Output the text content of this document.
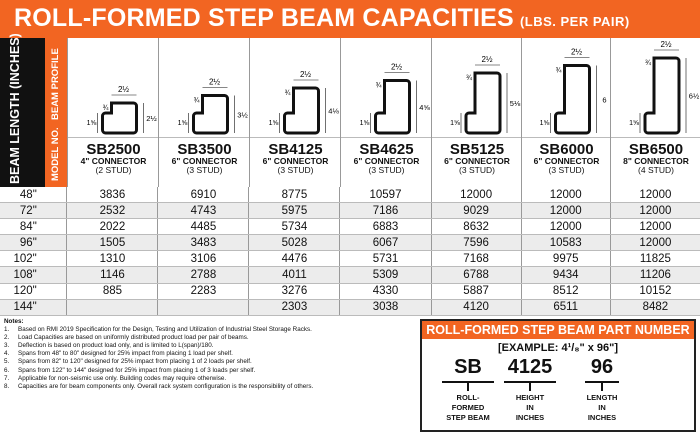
ROLL-FORMED STEP BEAM CAPACITIES (LBS. PER PAIR)
BEAM LENGTH (INCHES)	BEAM PROFILE
MODEL NO.
2½
¾
1⅝
2½
2½
¾
1⅝
3½
2½
¾
1⅝
4⅛
2½
¾
1⅝
4⅝
2½
¾
1⅝
5⅛
2½
¾
1⅝
6
2½
¾
1⅝
6½
SB2500
4" CONNECTOR
(2 STUD)
SB3500
6" CONNECTOR
(3 STUD)
SB4125
6" CONNECTOR
(3 STUD)
SB4625
6" CONNECTOR
(3 STUD)
SB5125
6" CONNECTOR
(3 STUD)
SB6000
6" CONNECTOR
(3 STUD)
SB6500
8" CONNECTOR
(4 STUD)
48"		3836	6910	8775	10597	12000	12000	12000
72"		2532	4743	5975	7186	9029	12000	12000
84"		2022	4485	5734	6883	8632	12000	12000
96"		1505	3483	5028	6067	7596	10583	12000
102"		1310	3106	4476	5731	7168	9975	11825
108"		1146	2788	4011	5309	6788	9434	11206
120"		885	2283	3276	4330	5887	8512	10152
144"				2303	3038	4120	6511	8482
Notes:
1.	Based on RMI 2019 Specification for the Design, Testing and Utilization of Industrial Steel Storage Racks.
2.	Load Capacities are based on uniformly distributed product load per pair of beams.
3.	Deflection is based on product load only, and is limited to L(span)/180.
4.	Spans from 48" to 80" designed for 25% impact from placing 1 load per shelf.
5.	Spans from 82" to 120" designed for 25% impact from placing 1 of 2 loads per shelf.
6.	Spans from 122" to 144" designed for 25% impact from placing 1 of 3 loads per shelf.
7.	Applicable for non-seismic use only. Building codes may require otherwise.
8.	Capacities are for beam components only. Overall rack system configuration is the responsibility of others.
ROLL-FORMED STEP BEAM PART NUMBER
[EXAMPLE: 4¹/₈" x 96"]
SB
ROLL-
FORMED
STEP BEAM
4125
HEIGHT
IN
INCHES
96
LENGTH
IN
INCHES
